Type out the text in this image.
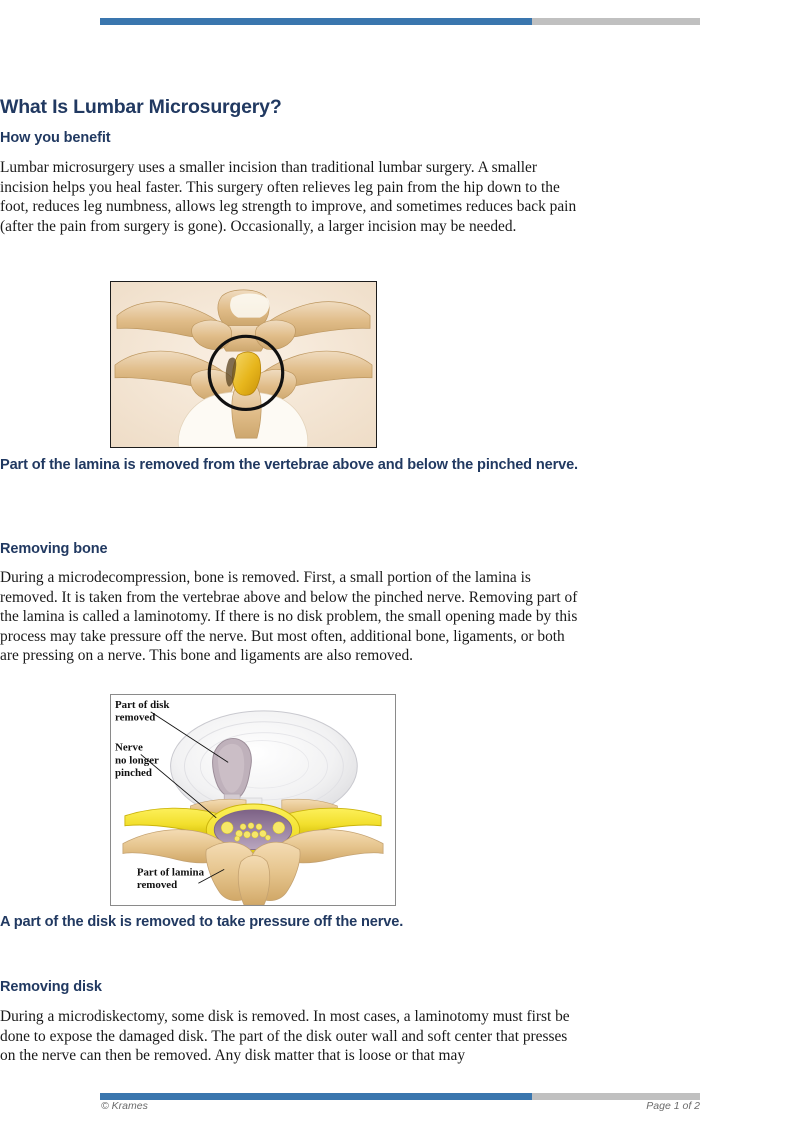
What Is Lumbar Microsurgery?
How you benefit

Lumbar microsurgery uses a smaller incision than traditional lumbar surgery. A smaller incision helps you heal faster. This surgery often relieves leg pain from the hip down to the foot, reduces leg numbness, allows leg strength to improve, and sometimes reduces back pain (after the pain from surgery is gone). Occasionally, a larger incision may be needed.

Part of the lamina is removed from the vertebrae above and below the pinched nerve.

Removing bone

During a microdecompression, bone is removed. First, a small portion of the lamina is removed. It is taken from the vertebrae above and below the pinched nerve. Removing part of the lamina is called a laminotomy. If there is no disk problem, the small opening made by this process may take pressure off the nerve. But most often, additional bone, ligaments, or both are pressing on a nerve. This bone and ligaments are also removed.

Part of disk
removed
Nerve
no longer
pinched
Part of lamina
removed

A part of the disk is removed to take pressure off the nerve.

Removing disk

During a microdiskectomy, some disk is removed. In most cases, a laminotomy must first be done to expose the damaged disk. The part of the disk outer wall and soft center that presses on the nerve can then be removed. Any disk matter that is loose or that may

© Krames	Page 1 of 2
